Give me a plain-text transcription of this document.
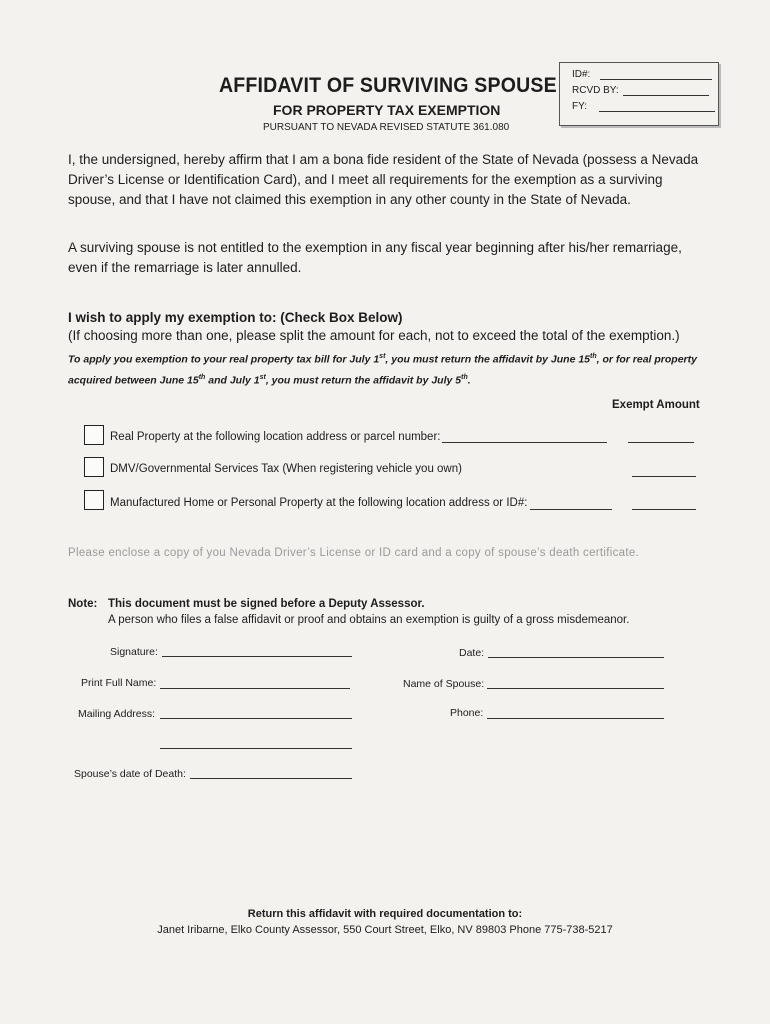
AFFIDAVIT OF SURVIVING SPOUSE
FOR PROPERTY TAX EXEMPTION
PURSUANT TO NEVADA REVISED STATUTE 361.080
ID#:
RCVD BY:
FY:
I, the undersigned, hereby affirm that I am a bona fide resident of the State of Nevada (possess a Nevada Driver’s License or Identification Card), and I meet all requirements for the exemption as a surviving spouse, and that I have not claimed this exemption in any other county in the State of Nevada.
A surviving spouse is not entitled to the exemption in any fiscal year beginning after his/her remarriage, even if the remarriage is later annulled.
I wish to apply my exemption to: (Check Box Below)
(If choosing more than one, please split the amount for each, not to exceed the total of the exemption.)
To apply you exemption to your real property tax bill for July 1st, you must return the affidavit by June 15th, or for real property acquired between June 15th and July 1st, you must return the affidavit by July 5th.
Exempt Amount
Real Property at the following location address or parcel number:
DMV/Governmental Services Tax (When registering vehicle you own)
Manufactured Home or Personal Property at the following location address or ID#:
Please enclose a copy of you Nevada Driver’s License or ID card and a copy of spouse’s death certificate.
Note: This document must be signed before a Deputy Assessor.
A person who files a false affidavit or proof and obtains an exemption is guilty of a gross misdemeanor.
Signature:	Date:
Print Full Name:	Name of Spouse:
Mailing Address:	Phone:
Spouse’s date of Death:
Return this affidavit with required documentation to:
Janet Iribarne, Elko County Assessor, 550 Court Street, Elko, NV 89803 Phone 775-738-5217
